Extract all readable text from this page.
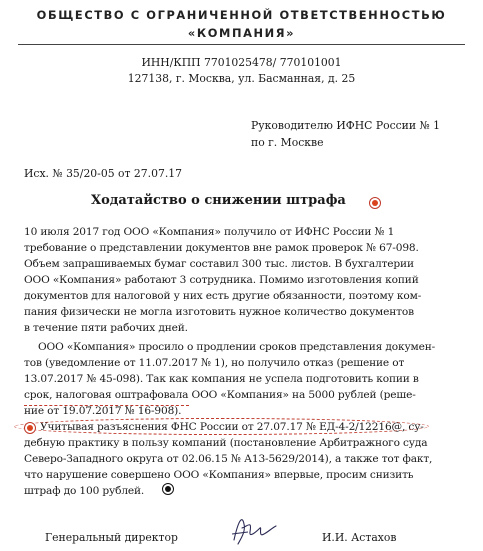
ОБЩЕСТВО С ОГРАНИЧЕННОЙ ОТВЕТСТВЕННОСТЬЮ
«КОМПАНИЯ»
ИНН/КПП 7701025478/ 770101001
127138, г. Москва, ул. Басманная, д. 25
Руководителю ИФНС России № 1
по г. Москве
Исх. № 35/20-05 от 27.07.17
Ходатайство о снижении штрафа
10 июля 2017 год ООО «Компания» получило от ИФНС России № 1
требование о представлении документов вне рамок проверок № 67-098.
Объем запрашиваемых бумаг составил 300 тыс. листов. В бухгалтерии
ООО «Компания» работают 3 сотрудника. Помимо изготовления копий
документов для налоговой у них есть другие обязанности, поэтому ком-
пания физически не могла изготовить нужное количество документов
в течение пяти рабочих дней.
ООО «Компания» просило о продлении сроков представления докумен-
тов (уведомление от 11.07.2017 № 1), но получило отказ (решение от
13.07.2017 № 45-098). Так как компания не успела подготовить копии в
срок, налоговая оштрафовала ООО «Компания» на 5000 рублей (реше-
ние от 19.07.2017 № 16-908).
Учитывая разъяснения ФНС России от 27.07.17 № ЕД-4-2/12216@, су-
дебную практику в пользу компаний (постановление Арбитражного суда
Северо-Западного округа от 02.06.15 № А13-5629/2014), а также тот факт,
что нарушение совершено ООО «Компания» впервые, просим снизить
штраф до 100 рублей.
Генеральный директор	И.И. Астахов
